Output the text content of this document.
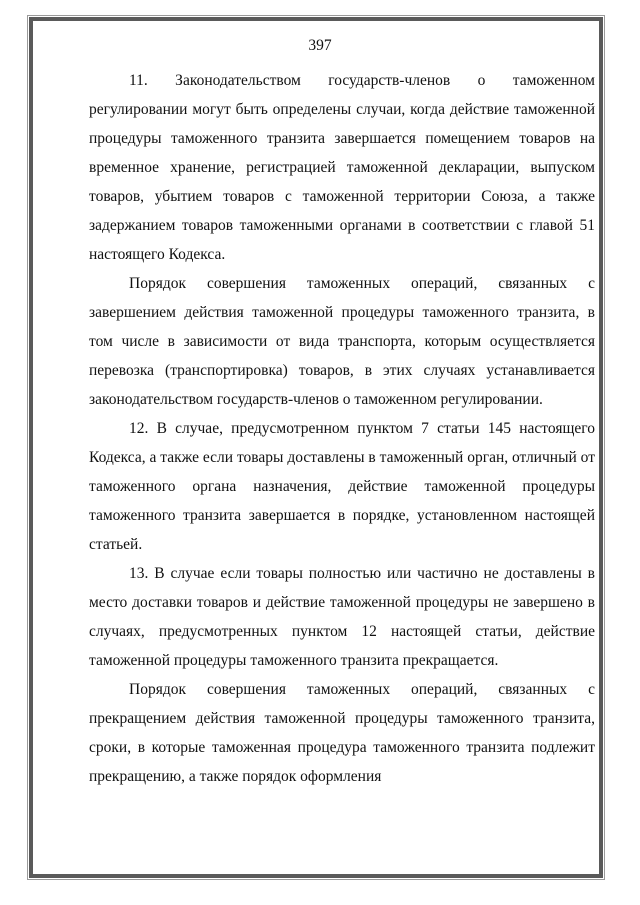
397

11. Законодательством государств-членов о таможенном регулировании могут быть определены случаи, когда действие таможенной процедуры таможенного транзита завершается помещением товаров на временное хранение, регистрацией таможенной декларации, выпуском товаров, убытием товаров с таможенной территории Союза, а также задержанием товаров таможенными органами в соответствии с главой 51 настоящего Кодекса.

Порядок совершения таможенных операций, связанных с завершением действия таможенной процедуры таможенного транзита, в том числе в зависимости от вида транспорта, которым осуществляется перевозка (транспортировка) товаров, в этих случаях устанавливается законодательством государств-членов о таможенном регулировании.

12. В случае, предусмотренном пунктом 7 статьи 145 настоящего Кодекса, а также если товары доставлены в таможенный орган, отличный от таможенного органа назначения, действие таможенной процедуры таможенного транзита завершается в порядке, установленном настоящей статьей.

13. В случае если товары полностью или частично не доставлены в место доставки товаров и действие таможенной процедуры не завершено в случаях, предусмотренных пунктом 12 настоящей статьи, действие таможенной процедуры таможенного транзита прекращается.

Порядок совершения таможенных операций, связанных с прекращением действия таможенной процедуры таможенного транзита, сроки, в которые таможенная процедура таможенного транзита подлежит прекращению, а также порядок оформления
